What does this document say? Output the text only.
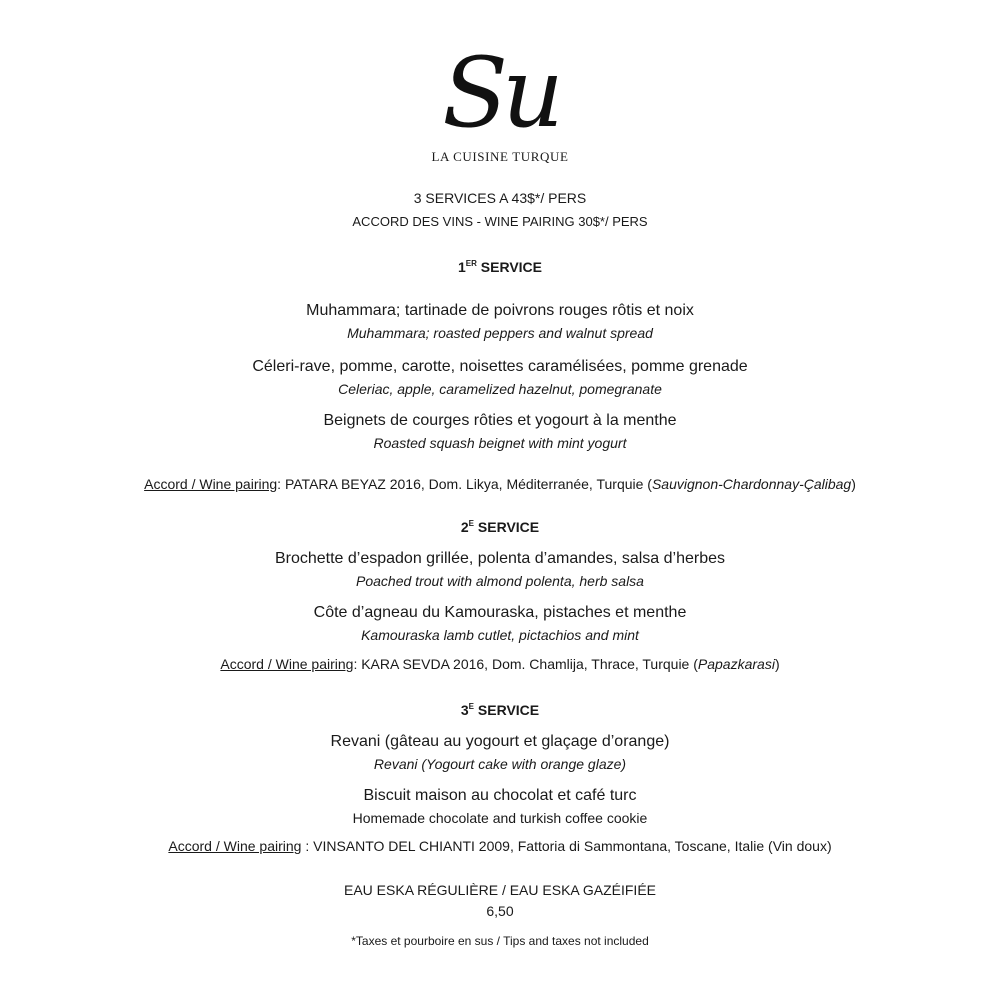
Su
LA CUISINE TURQUE
3 SERVICES A 43$*/ PERS
ACCORD DES VINS - WINE PAIRING 30$*/ PERS
1ER SERVICE
Muhammara; tartinade de poivrons rouges rôtis et noix
Muhammara; roasted peppers and walnut spread
Céleri-rave, pomme, carotte, noisettes caramélisées, pomme grenade
Celeriac, apple, caramelized hazelnut, pomegranate
Beignets de courges rôties et yogourt à la menthe
Roasted squash beignet with mint yogurt
Accord / Wine pairing: PATARA BEYAZ 2016, Dom. Likya, Méditerranée, Turquie (Sauvignon-Chardonnay-Çalibag)
$2^E$ SERVICE
Brochette d’espadon grillée, polenta d’amandes, salsa d’herbes
Poached trout with almond polenta, herb salsa
Côte d’agneau du Kamouraska, pistaches et menthe
Kamouraska lamb cutlet, pictachios and mint
Accord / Wine pairing: KARA SEVDA 2016, Dom. Chamlija, Thrace, Turquie (Papazkarasi)
$3^E$ SERVICE
Revani (gâteau au yogourt et glaçage d’orange)
Revani (Yogourt cake with orange glaze)
Biscuit maison au chocolat et café turc
Homemade chocolate and turkish coffee cookie
Accord / Wine pairing : VINSANTO DEL CHIANTI 2009, Fattoria di Sammontana, Toscane, Italie (Vin doux)
EAU ESKA RÉGULIÈRE / EAU ESKA GAZÉIFIÉE
6,50
*Taxes et pourboire en sus / Tips and taxes not included
